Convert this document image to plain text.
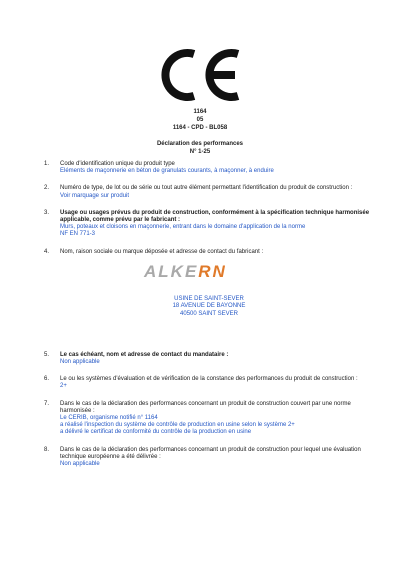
1164
05
1164 - CPD - BL058
Déclaration des performances
N° 1-25
1. Code d'identification unique du produit type
Eléments de maçonnerie en béton de granulats courants, à maçonner, à enduire
2. Numéro de type, de lot ou de série ou tout autre élément permettant l'identification du produit de construction :
Voir marquage sur produit
3. Usage ou usages prévus du produit de construction, conformément à la spécification technique harmonisée applicable, comme prévu par le fabricant :
Murs, poteaux et cloisons en maçonnerie, entrant dans le domaine d'application de la norme
NF EN 771-3
4. Nom, raison sociale ou marque déposée et adresse de contact du fabricant :
ALKERN
USINE DE SAINT-SEVER
18 AVENUE DE BAYONNE
40500 SAINT SEVER
5. Le cas échéant, nom et adresse de contact du mandataire :
Non applicable
6. Le ou les systèmes d'évaluation et de vérification de la constance des performances du produit de construction :
2+
7. Dans le cas de la déclaration des performances concernant un produit de construction couvert par une norme harmonisée :
Le CERIB, organisme notifié n° 1164
a réalisé l'inspection du système de contrôle de production en usine selon le système 2+
a délivré le certificat de conformité du contrôle de la production en usine
8. Dans le cas de la déclaration des performances concernant un produit de construction pour lequel une évaluation technique européenne a été délivrée :
Non applicable
